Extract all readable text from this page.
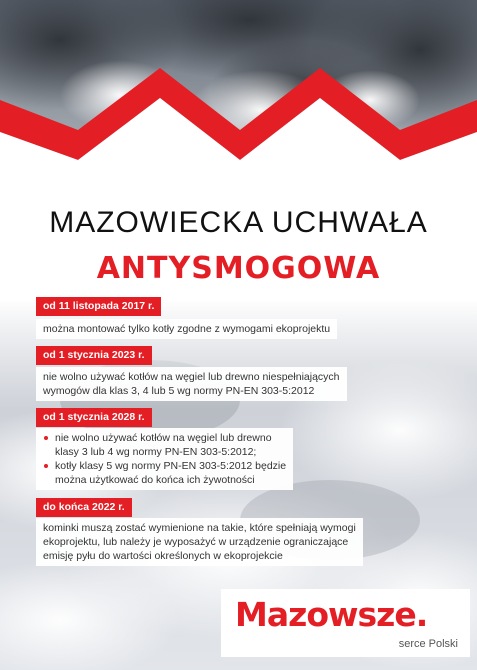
MAZOWIECKA UCHWAŁA
ANTYSMOGOWA
od 11 listopada 2017 r.
można montować tylko kotły zgodne z wymogami ekoprojektu
od 1 stycznia 2023 r.
nie wolno używać kotłów na węgiel lub drewno niespełniających
wymogów dla klas 3, 4 lub 5 wg normy PN-EN 303-5:2012
od 1 stycznia 2028 r.
nie wolno używać kotłów na węgiel lub drewno
klasy 3 lub 4 wg normy PN-EN 303-5:2012;
kotły klasy 5 wg normy PN-EN 303-5:2012 będzie
można użytkować do końca ich żywotności
do końca 2022 r.
kominki muszą zostać wymienione na takie, które spełniają wymogi
ekoprojektu, lub należy je wyposażyć w urządzenie ograniczające
emisję pyłu do wartości określonych w ekoprojekcie
Mazowsze.
serce Polski
